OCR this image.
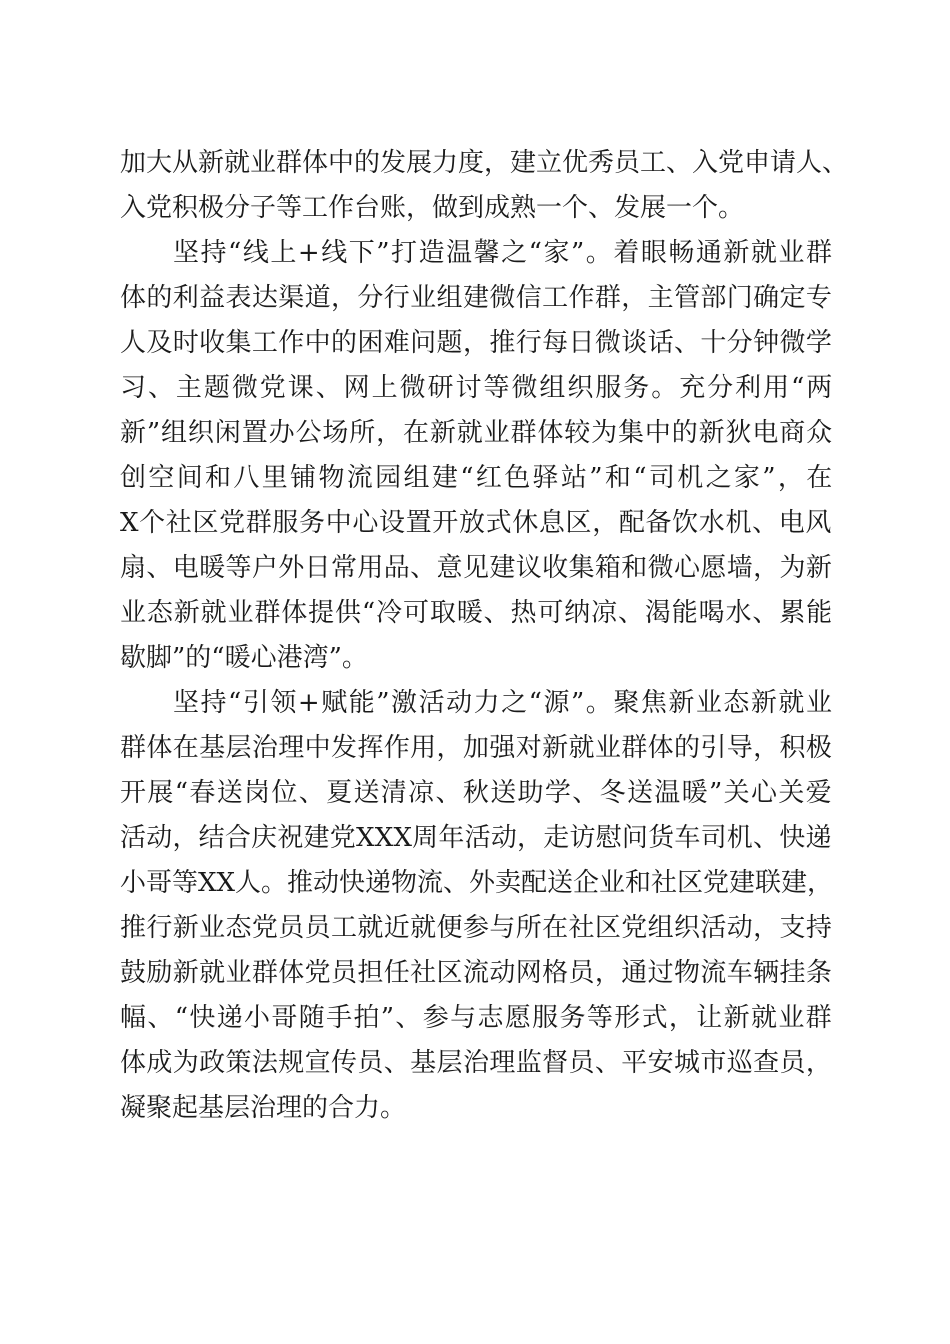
加大从新就业群体中的发展力度，建立优秀员工、入党申请人、
入党积极分子等工作台账，做到成熟一个、发展一个。
坚持“线上+线下”打造温馨之“家”。着眼畅通新就业群
体的利益表达渠道，分行业组建微信工作群，主管部门确定专
人及时收集工作中的困难问题，推行每日微谈话、十分钟微学
习、主题微党课、网上微研讨等微组织服务。充分利用“两
新”组织闲置办公场所，在新就业群体较为集中的新狄电商众
创空间和八里铺物流园组建“红色驿站”和“司机之家”，在
X个社区党群服务中心设置开放式休息区，配备饮水机、电风
扇、电暖等户外日常用品、意见建议收集箱和微心愿墙，为新
业态新就业群体提供“冷可取暖、热可纳凉、渴能喝水、累能
歇脚”的“暖心港湾”。
坚持“引领+赋能”激活动力之“源”。聚焦新业态新就业
群体在基层治理中发挥作用，加强对新就业群体的引导，积极
开展“春送岗位、夏送清凉、秋送助学、冬送温暖”关心关爱
活动，结合庆祝建党XXX周年活动，走访慰问货车司机、快递
小哥等XX人。推动快递物流、外卖配送企业和社区党建联建，
推行新业态党员员工就近就便参与所在社区党组织活动，支持
鼓励新就业群体党员担任社区流动网格员，通过物流车辆挂条
幅、“快递小哥随手拍”、参与志愿服务等形式，让新就业群
体成为政策法规宣传员、基层治理监督员、平安城市巡查员，
凝聚起基层治理的合力。
